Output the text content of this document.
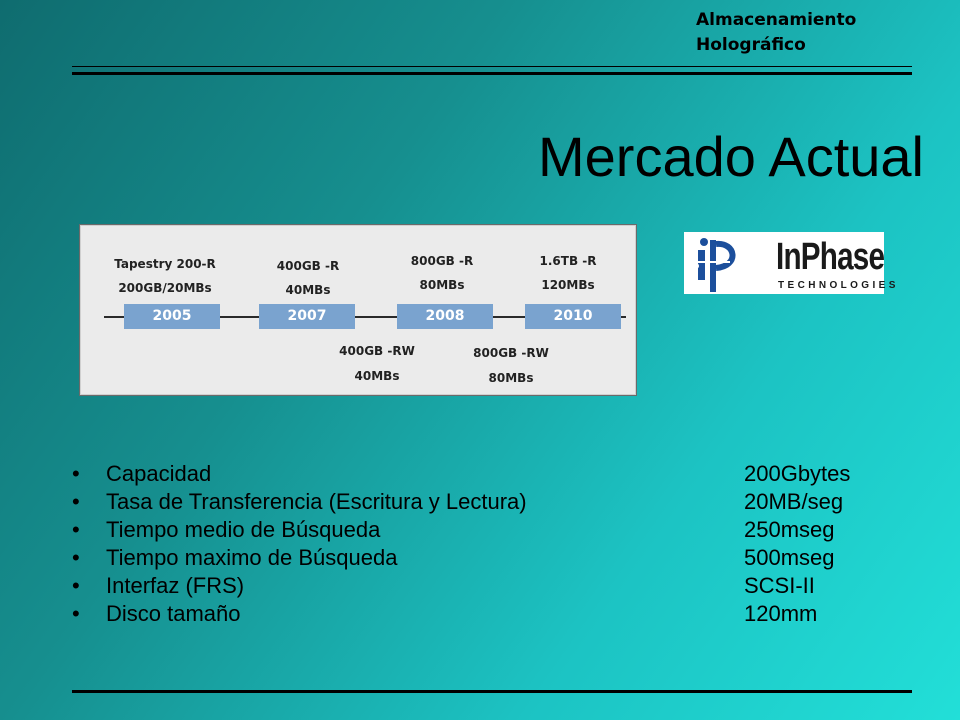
Almacenamiento
Holográfico
Mercado Actual
2005	2007	2008	2010
Tapestry 200-R
200GB/20MBs
400GB -R
40MBs
800GB -R
80MBs
1.6TB -R
120MBs
400GB -RW
40MBs
800GB -RW
80MBs
InPhase
TECHNOLOGIES
•	Capacidad	200Gbytes
•	Tasa de Transferencia (Escritura y Lectura)	20MB/seg
•	Tiempo medio de Búsqueda	250mseg
•	Tiempo maximo de Búsqueda	500mseg
•	Interfaz (FRS)	SCSI-II
•	Disco tamaño	120mm
